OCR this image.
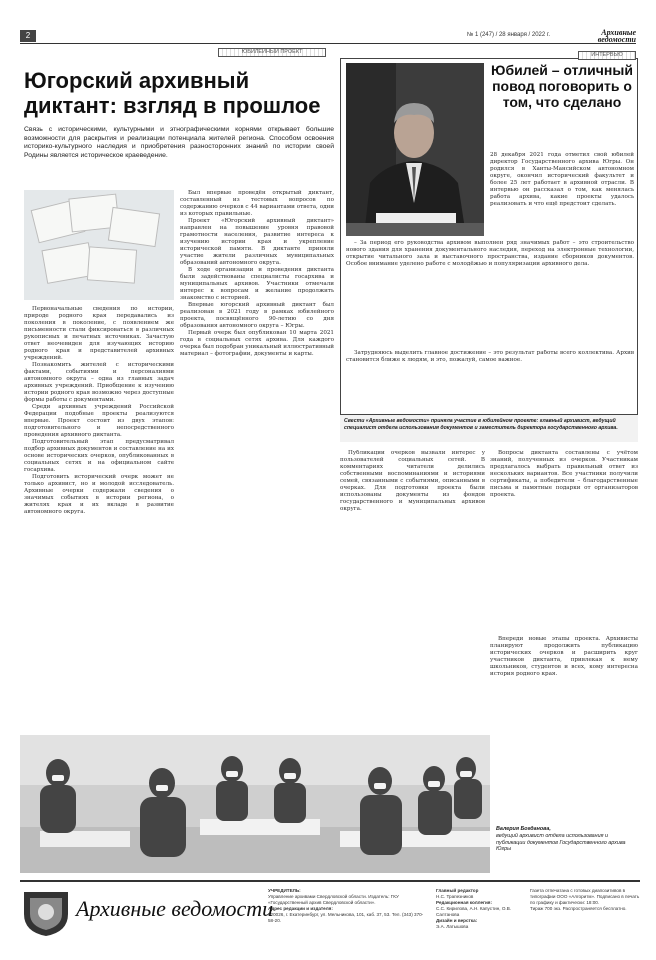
2	№ 1 (247) / 28 января / 2022 г.	Архивные
ведомости
ЮБИЛЕЙНЫЙ ПРОЕКТ
Югорский архивный диктант: взгляд в прошлое
Связь с историческими, культурными и этнографическими корнями открывает большие возможности для раскрытия и реализации потенциала жителей региона. Способом освоения историко-культурного наследия и приобретения разносторонних знаний по истории своей Родины является историческое краеведение.

Первоначальные сведения по истории, природе родного края передавались из поколения в поколение, с появлением же письменности стали фиксироваться в различных рукописных и печатных источниках. Зачастую ответ неочевиден для изучающих историю родного края и представителей архивных учреждений.

Познакомить жителей с историческими фактами, событиями и персоналиями автономного округа – одна из главных задач архивных учреждений. Приобщение к изучению истории родного края возможно через доступные формы работы с документами.

Среди архивных учреждений Российской Федерации подобные проекты реализуются впервые. Проект состоит из двух этапов: подготовительного и непосредственного проведения архивного диктанта.

Подготовительный этап предусматривал подбор архивных документов и составление на их основе исторических очерков, опубликованных в социальных сетях и на официальном сайте госархива.

Подготовить исторический очерк может не только архивист, но и молодой исследователь. Архивные очерки содержали сведения о значимых событиях в истории региона, о жителях края и их вкладе в развитие автономного округа.

Был впервые проведён открытый диктант, составленный из тестовых вопросов по содержанию очерков с 44 вариантами ответа, одни из которых правильные.

Проект «Югорский архивный диктант» направлен на повышение уровня правовой грамотности населения, развитие интереса к изучению истории края и укрепление исторической памяти. В диктанте приняли участие жители различных муниципальных образований автономного округа.

В ходе организации и проведения диктанта были задействованы специалисты госархива и муниципальных архивов. Участники отмечали интерес к вопросам и желание продолжить знакомство с историей.

Впервые югорский архивный диктант был реализован в 2021 году в рамках юбилейного проекта, посвящённого 90-летию со дня образования автономного округа – Югры.

Первый очерк был опубликован 10 марта 2021 года в социальных сетях архива. Для каждого очерка был подобран уникальный иллюстративный материал – фотографии, документы и карты.

ИНТЕРВЬЮ
Юбилей – отличный повод поговорить о том, что сделано
28 декабря 2021 года отметил свой юбилей директор Государственного архива Югры. Он родился в Ханты-Мансийском автономном округе, окончил исторический факультет и более 25 лет работает в архивной отрасли. В интервью он рассказал о том, как менялась работа архива, какие проекты удалось реализовать и что ещё предстоит сделать.
– За период его руководства архивом выполнен ряд значимых работ – это строительство нового здания для хранения документального наследия, переход на электронные технологии, открытие читального зала и выставочного пространства, издание сборников документов. Особое внимание уделено работе с молодёжью и популяризации архивного дела.
Затрудняюсь выделить главное достижение – это результат работы всего коллектива. Архив становится ближе к людям, и это, пожалуй, самое важное.
Свести «Архивные ведомости» приняла участие в юбилейном проекте: главный архивист, ведущий специалист отдела использования документов и заместитель директора государственного архива.
Публикации очерков вызвали интерес у пользователей социальных сетей. В комментариях читатели делились собственными воспоминаниями и историями семей, связанными с событиями, описанными в очерках. Для подготовки проекта были использованы документы из фондов государственного и муниципальных архивов округа.
Вопросы диктанта составлены с учётом знаний, полученных из очерков. Участникам предлагалось выбрать правильный ответ из нескольких вариантов. Все участники получили сертификаты, а победители – благодарственные письма и памятные подарки от организаторов проекта.
Впереди новые этапы проекта. Архивисты планируют продолжить публикацию исторических очерков и расширить круг участников диктанта, привлекая к нему школьников, студентов и всех, кому интересна история родного края.
Валерия Богданова,
ведущий архивист отдела использования и публикации документов Государственного архива Югры
Архивные ведомости
УЧРЕДИТЕЛЬ:
Управление архивами Свердловской области. Издатель: ГКУ «Государственный архив Свердловской области».
Адрес редакции и издателя:
620026, г. Екатеринбург, ул. Мельникова, 101, каб. 37, 53. Тел. (343) 370-58-20.
Главный редактор
Н.С. Трапезников
Редакционная коллегия:
С.С. Кирилова, А.Н. Капустин, О.В. Салтанова
Дизайн и верстка:
Э.А. Латышова
Газета отпечатана с готовых диапозитивов в типографии ООО «Алгоритм». Подписано в печать по графику и фактически: 18:00.
Тираж 700 экз. Распространяется бесплатно.
